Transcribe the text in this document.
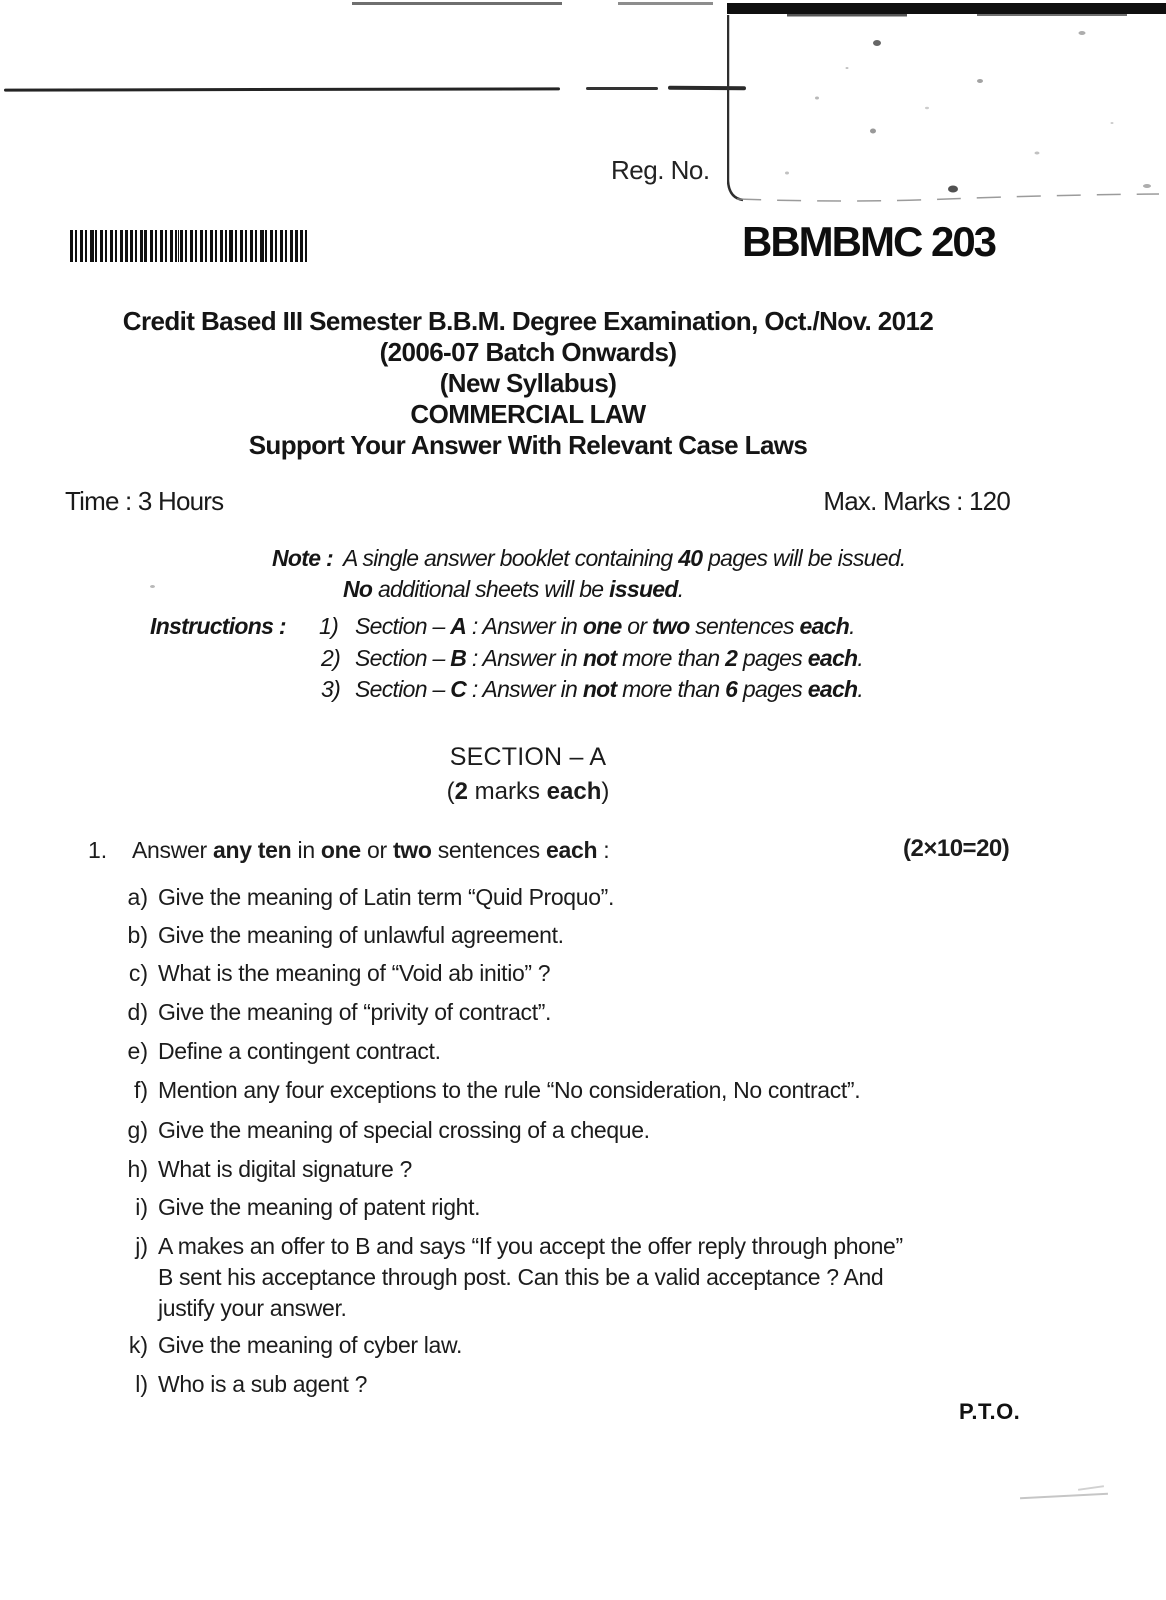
Reg. No.
BBMBMC 203
Credit Based III Semester B.B.M. Degree Examination, Oct./Nov. 2012
(2006-07 Batch Onwards)
(New Syllabus)
COMMERCIAL LAW
Support Your Answer With Relevant Case Laws
Time : 3 Hours	Max. Marks : 120
Note : A single answer booklet containing 40 pages will be issued.
No additional sheets will be issued.
Instructions : 1) Section – A : Answer in one or two sentences each.
2) Section – B : Answer in not more than 2 pages each.
3) Section – C : Answer in not more than 6 pages each.
SECTION – A
(2 marks each)
1. Answer any ten in one or two sentences each :	(2×10=20)
a) Give the meaning of Latin term “Quid Proquo”.
b) Give the meaning of unlawful agreement.
c) What is the meaning of “Void ab initio” ?
d) Give the meaning of “privity of contract”.
e) Define a contingent contract.
f) Mention any four exceptions to the rule “No consideration, No contract”.
g) Give the meaning of special crossing of a cheque.
h) What is digital signature ?
i) Give the meaning of patent right.
j) A makes an offer to B and says “If you accept the offer reply through phone”
B sent his acceptance through post. Can this be a valid acceptance ? And
justify your answer.
k) Give the meaning of cyber law.
l) Who is a sub agent ?
P.T.O.
